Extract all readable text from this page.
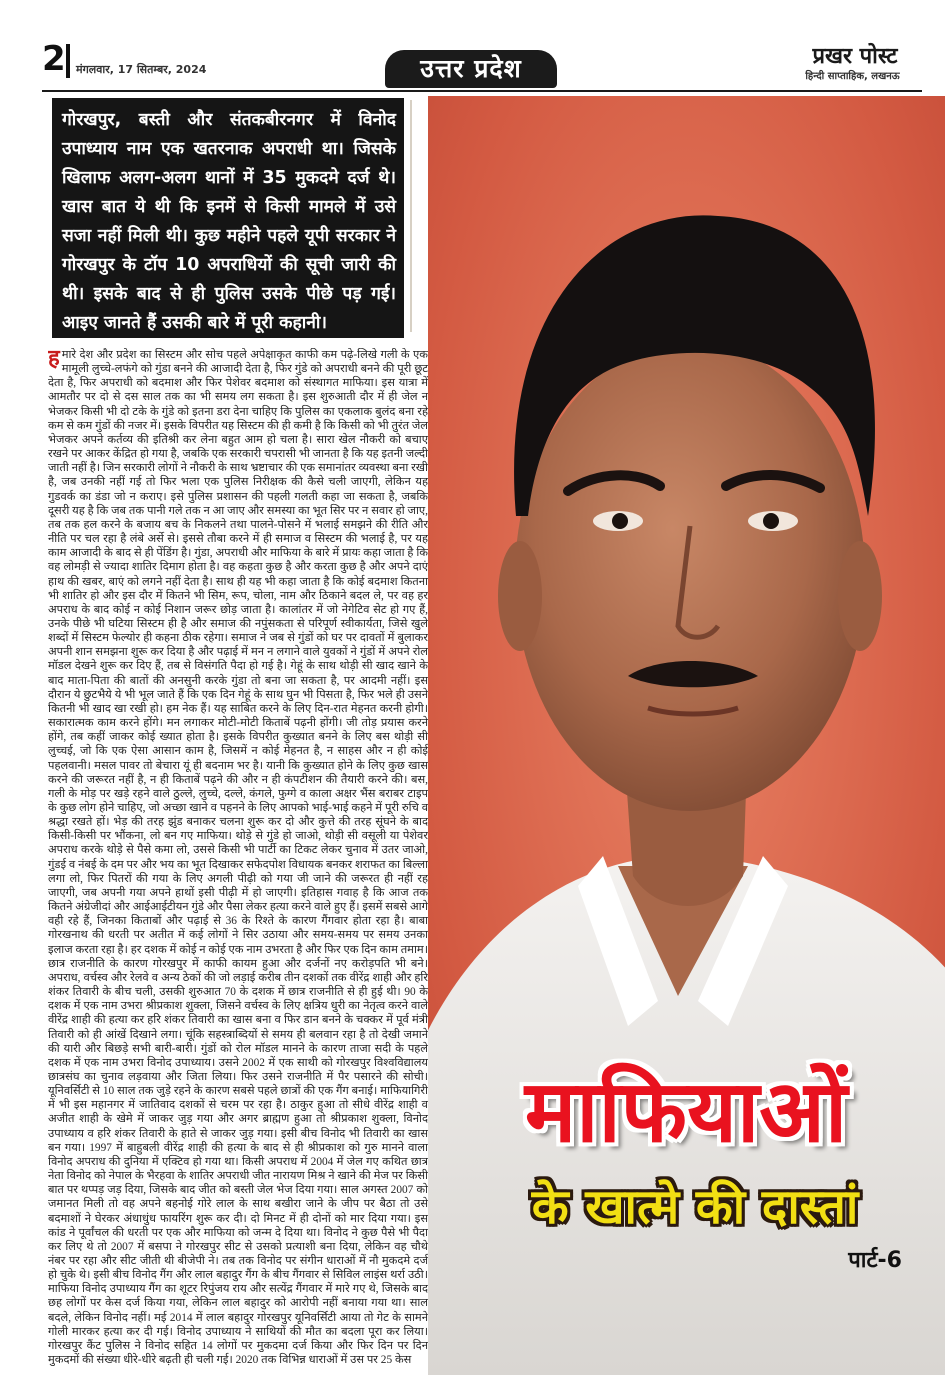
2 मंगलवार, 17 सितम्बर, 2024	उत्तर प्रदेश	प्रखर पोस्ट
हिन्दी साप्ताहिक, लखनऊ

गोरखपुर, बस्ती और संतकबीरनगर में विनोद उपाध्याय नाम एक खतरनाक अपराधी था। जिसके खिलाफ अलग-अलग थानों में 35 मुकदमे दर्ज थे। खास बात ये थी कि इनमें से किसी मामले में उसे सजा नहीं मिली थी। कुछ महीने पहले यूपी सरकार ने गोरखपुर के टॉप 10 अपराधियों की सूची जारी की थी। इसके बाद से ही पुलिस उसके पीछे पड़ गई। आइए जानते हैं उसकी बारे में पूरी कहानी।

हमारे देश और प्रदेश का सिस्टम और सोच पहले अपेक्षाकृत काफी कम पढ़े-लिखे गली के एक मामूली लुच्चे-लफंगे को गुंडा बनने की आजादी देता है, फिर गुंडे को अपराधी बनने की पूरी छूट देता है, फिर अपराधी को बदमाश और फिर पेशेवर बदमाश को संस्थागत माफिया। इस यात्रा में आमतौर पर दो से दस साल तक का भी समय लग सकता है। इस शुरुआती दौर में ही जेल न भेजकर किसी भी दो टके के गुंडे को इतना डरा देना चाहिए कि पुलिस का एकलाक बुलंद बना रहे कम से कम गुंडों की नजर में। इसके विपरीत यह सिस्टम की ही कमी है कि किसी को भी तुरंत जेल भेजकर अपने कर्तव्य की इतिश्री कर लेना बहुत आम हो चला है। सारा खेल नौकरी को बचाए रखने पर आकर केंद्रित हो गया है, जबकि एक सरकारी चपरासी भी जानता है कि यह इतनी जल्दी जाती नहीं है। जिन सरकारी लोगों ने नौकरी के साथ भ्रष्टाचार की एक समानांतर व्यवस्था बना रखी है, जब उनकी नहीं गई तो फिर भला एक पुलिस निरीक्षक की कैसे चली जाएगी, लेकिन यह गुडवर्क का डंडा जो न कराए। इसे पुलिस प्रशासन की पहली गलती कहा जा सकता है, जबकि दूसरी यह है कि जब तक पानी गले तक न आ जाए और समस्या का भूत सिर पर न सवार हो जाए, तब तक हल करने के बजाय बच के निकलने तथा पालने-पोसने में भलाई समझने की रीति और नीति पर चल रहा है लंबे अर्से से। इससे तौबा करने में ही समाज व सिस्टम की भलाई है, पर यह काम आजादी के बाद से ही पेंडिंग है। गुंडा, अपराधी और माफिया के बारे में प्रायः कहा जाता है कि वह लोमड़ी से ज्यादा शातिर दिमाग होता है। वह कहता कुछ है और करता कुछ है और अपने दाएं हाथ की खबर, बाएं को लगने नहीं देता है। साथ ही यह भी कहा जाता है कि कोई बदमाश कितना भी शातिर हो और इस दौर में कितने भी सिम, रूप, चोला, नाम और ठिकाने बदल ले, पर वह हर अपराध के बाद कोई न कोई निशान जरूर छोड़ जाता है। कालांतर में जो नेगेटिव सेट हो गए हैं, उनके पीछे भी घटिया सिस्टम ही है और समाज की नपुंसकता से परिपूर्ण स्वीकार्यता, जिसे खुले शब्दों में सिस्टम फेल्योर ही कहना ठीक रहेगा। समाज ने जब से गुंडों को घर पर दावतों में बुलाकर अपनी शान समझना शुरू कर दिया है और पढ़ाई में मन न लगाने वाले युवकों ने गुंडों में अपने रोल मॉडल देखने शुरू कर दिए हैं, तब से विसंगति पैदा हो गई है। गेहूं के साथ थोड़ी सी खाद खाने के बाद माता-पिता की बातों की अनसुनी करके गुंडा तो बना जा सकता है, पर आदमी नहीं। इस दौरान ये छुटभैये ये भी भूल जाते हैं कि एक दिन गेहूं के साथ घुन भी पिसता है, फिर भले ही उसने कितनी भी खाद खा रखी हो। हम नेक हैं। यह साबित करने के लिए दिन-रात मेहनत करनी होगी। सकारात्मक काम करने होंगे। मन लगाकर मोटी-मोटी किताबें पढ़नी होंगी। जी तोड़ प्रयास करने होंगे, तब कहीं जाकर कोई ख्यात होता है। इसके विपरीत कुख्यात बनने के लिए बस थोड़ी सी लुच्चई, जो कि एक ऐसा आसान काम है, जिसमें न कोई मेहनत है, न साहस और न ही कोई पहलवानी। मसल पावर तो बेचारा यूं ही बदनाम भर है। यानी कि कुख्यात होने के लिए कुछ खास करने की जरूरत नहीं है, न ही किताबें पढ़ने की और न ही कंपटीशन की तैयारी करने की। बस, गली के मोड़ पर खड़े रहने वाले ठुल्ले, लुच्चे, दल्ले, कंगले, फुग्गे व काला अक्षर भैंस बराबर टाइप के कुछ लोग होने चाहिए, जो अच्छा खाने व पहनने के लिए आपको भाई-भाई कहने में पूरी रुचि व श्रद्धा रखते हों। भेड़ की तरह झुंड बनाकर चलना शुरू कर दो और कुत्ते की तरह सूंघने के बाद किसी-किसी पर भौंकना, लो बन गए माफिया। थोड़े से गुंडे हो जाओ, थोड़ी सी वसूली या पेशेवर अपराध करके थोड़े से पैसे कमा लो, उससे किसी भी पार्टी का टिकट लेकर चुनाव में उतर जाओ, गुंडई व नंबई के दम पर और भय का भूत दिखाकर सफेदपोश विधायक बनकर शराफत का बिल्ला लगा लो, फिर पितरों की गया के लिए अगली पीढ़ी को गया जी जाने की जरूरत ही नहीं रह जाएगी, जब अपनी गया अपने हाथों इसी पीढ़ी में हो जाएगी। इतिहास गवाह है कि आज तक कितने अंग्रेजीदां और आईआईटीयन गुंडे और पैसा लेकर हत्या करने वाले हुए हैं। इसमें सबसे आगे वही रहे हैं, जिनका किताबों और पढ़ाई से 36 के रिश्ते के कारण गैंगवार होता रहा है। बाबा गोरखनाथ की धरती पर अतीत में कई लोगों ने सिर उठाया और समय-समय पर समय उनका इलाज करता रहा है। हर दशक में कोई न कोई एक नाम उभरता है और फिर एक दिन काम तमाम। छात्र राजनीति के कारण गोरखपुर में काफी कायम हुआ और दर्जनों नए करोड़पति भी बने। अपराध, वर्चस्व और रेलवे व अन्य ठेकों की जो लड़ाई करीब तीन दशकों तक वीरेंद्र शाही और हरि शंकर तिवारी के बीच चली, उसकी शुरुआत 70 के दशक में छात्र राजनीति से ही हुई थी। 90 के दशक में एक नाम उभरा श्रीप्रकाश शुक्ला, जिसने वर्चस्व के लिए क्षत्रिय धुरी का नेतृत्व करने वाले वीरेंद्र शाही की हत्या कर हरि शंकर तिवारी का खास बना व फिर डान बनने के चक्कर में पूर्व मंत्री तिवारी को ही आंखें दिखाने लगा। चूंकि सहस्त्राब्दियों से समय ही बलवान रहा है तो देखी जमाने की यारी और बिछड़े सभी बारी-बारी। गुंडों को रोल मॉडल मानने के कारण ताजा सदी के पहले दशक में एक नाम उभरा विनोद उपाध्याय। उसने 2002 में एक साथी को गोरखपुर विश्वविद्यालय छात्रसंघ का चुनाव लड़वाया और जिता लिया। फिर उसने राजनीति में पैर पसारने की सोची। यूनिवर्सिटी से 10 साल तक जुड़े रहने के कारण सबसे पहले छात्रों की एक गैंग बनाई। माफियागिरी में भी इस महानगर में जातिवाद दशकों से चरम पर रहा है। ठाकुर हुआ तो सीधे वीरेंद्र शाही व अजीत शाही के खेमे में जाकर जुड़ गया और अगर ब्राह्मण हुआ तो श्रीप्रकाश शुक्ला, विनोद उपाध्याय व हरि शंकर तिवारी के हाते से जाकर जुड़ गया। इसी बीच विनोद भी तिवारी का खास बन गया। 1997 में बाहुबली वीरेंद्र शाही की हत्या के बाद से ही श्रीप्रकाश को गुरु मानने वाला विनोद अपराध की दुनिया में एक्टिव हो गया था। किसी अपराध में 2004 में जेल गए कथित छात्र नेता विनोद को नेपाल के भैरहवा के शातिर अपराधी जीत नारायण मिश्र ने खाने की मेज पर किसी बात पर थप्पड़ जड़ दिया, जिसके बाद जीत को बस्ती जेल भेज दिया गया। साल अगस्त 2007 को जमानत मिली तो वह अपने बहनोई गोरे लाल के साथ बखीरा जाने के जीप पर बैठा तो उसे बदमाशों ने घेरकर अंधाधुंध फायरिंग शुरू कर दी। दो मिनट में ही दोनों को मार दिया गया। इस कांड ने पूर्वांचल की धरती पर एक और माफिया को जन्म दे दिया था। विनोद ने कुछ पैसे भी पैदा कर लिए थे तो 2007 में बसपा ने गोरखपुर सीट से उसको प्रत्याशी बना दिया, लेकिन वह चौथे नंबर पर रहा और सीट जीती थी बीजेपी ने। तब तक विनोद पर संगीन धाराओं में नौ मुकदमे दर्ज हो चुके थे। इसी बीच विनोद गैंग और लाल बहादुर गैंग के बीच गैंगवार से सिविल लाइंस थर्रा उठी। माफिया विनोद उपाध्याय गैंग का शूटर रिपुंजय राय और सत्येंद्र गैंगवार में मारे गए थे, जिसके बाद छह लोगों पर केस दर्ज किया गया, लेकिन लाल बहादुर को आरोपी नहीं बनाया गया था। साल बदले, लेकिन विनोद नहीं। मई 2014 में लाल बहादुर गोरखपुर यूनिवर्सिटी आया तो गेट के सामने गोली मारकर हत्या कर दी गई। विनोद उपाध्याय ने साथियों की मौत का बदला पूरा कर लिया। गोरखपुर कैंट पुलिस ने विनोद सहित 14 लोगों पर मुकदमा दर्ज किया और फिर दिन पर दिन मुकदमों की संख्या धीरे-धीरे बढ़ती ही चली गई। 2020 तक विभिन्न धाराओं में उस पर 25 केस

माफियाओं
के खात्मे की दास्तां
पार्ट-6
